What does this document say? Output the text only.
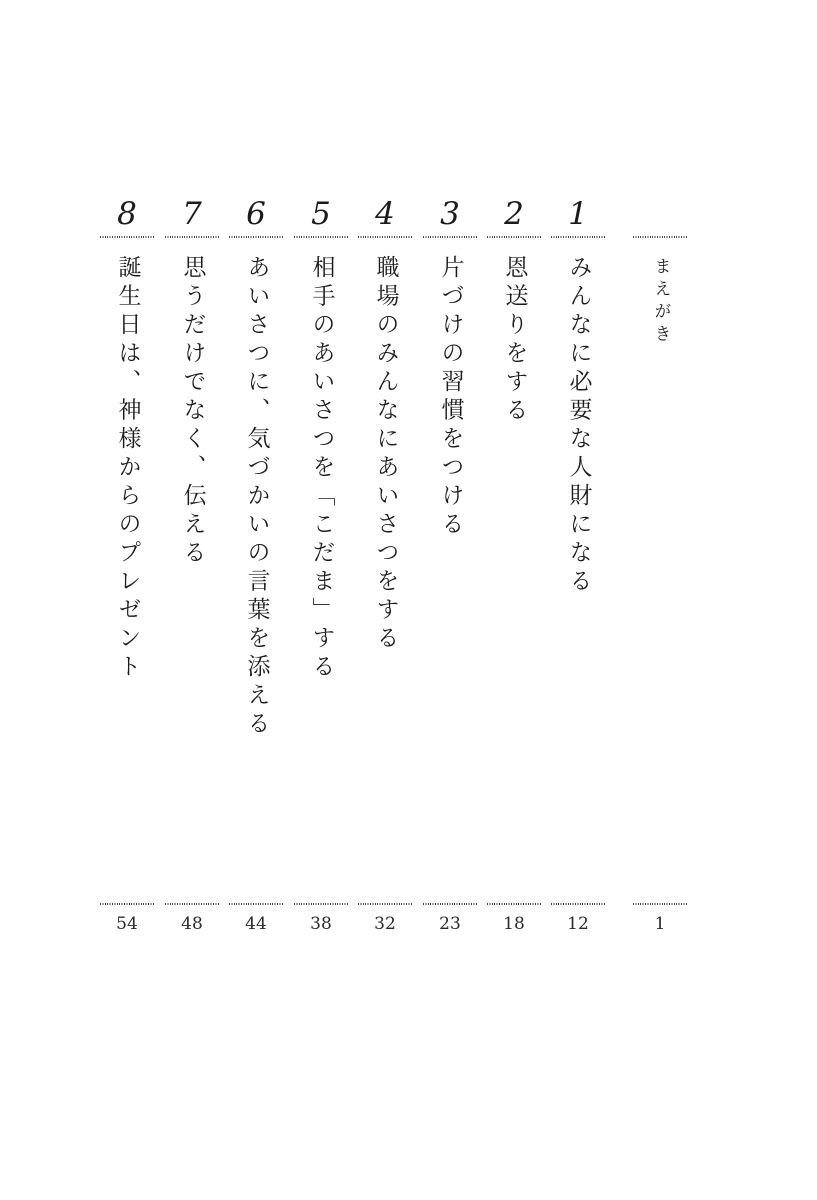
まえがき
1
1
みんなに必要な人財になる
12
2
恩送りをする
18
3
片づけの習慣をつける
23
4
職場のみんなにあいさつをする
32
5
相手のあいさつを「こだま」する
38
6
あいさつに、気づかいの言葉を添える
44
7
思うだけでなく、伝える
48
8
誕生日は、神様からのプレゼント
54
